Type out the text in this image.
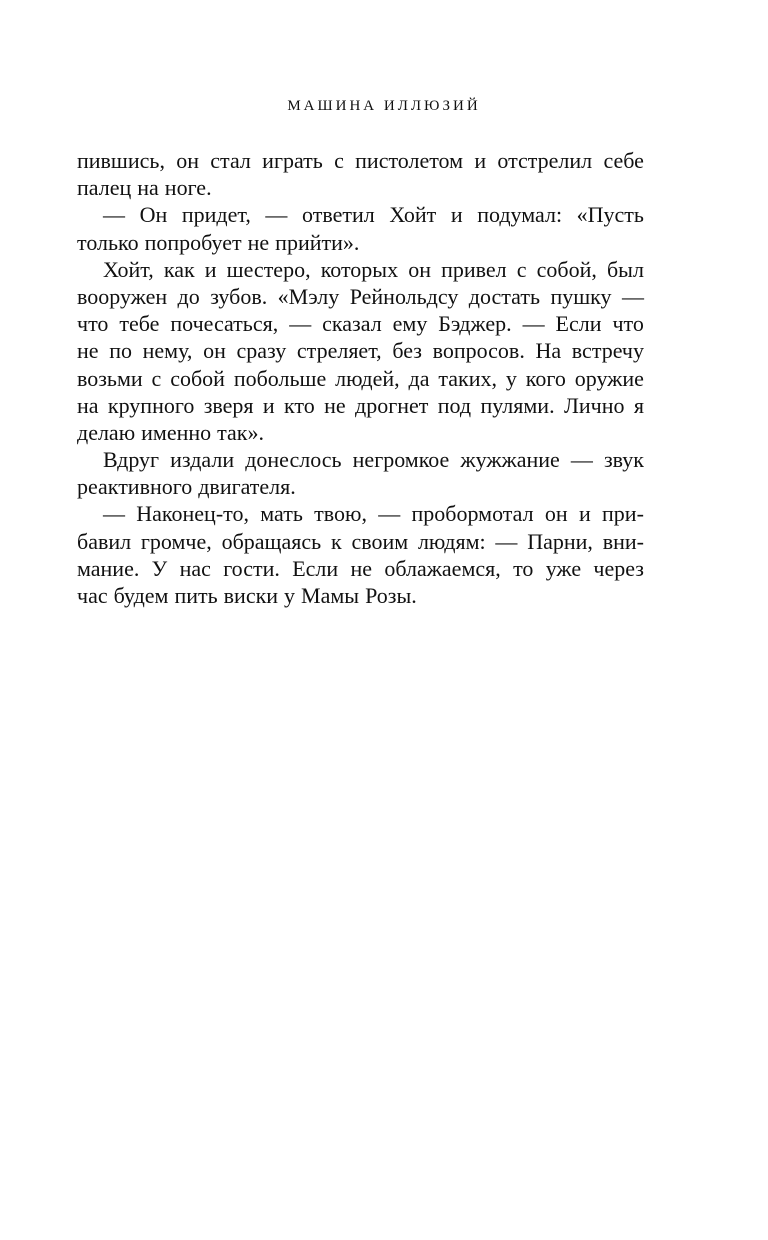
МАШИНА ИЛЛЮЗИЙ
пившись, он стал играть с пистолетом и отстрелил себе
палец на ноге.
— Он придет, — ответил Хойт и подумал: «Пусть
только попробует не прийти».
Хойт, как и шестеро, которых он привел с собой, был
вооружен до зубов. «Мэлу Рейнольдсу достать пушку —
что тебе почесаться, — сказал ему Бэджер. — Если что
не по нему, он сразу стреляет, без вопросов. На встречу
возьми с собой побольше людей, да таких, у кого оружие
на крупного зверя и кто не дрогнет под пулями. Лично я
делаю именно так».
Вдруг издали донеслось негромкое жужжание — звук
реактивного двигателя.
— Наконец-то, мать твою, — пробормотал он и при-
бавил громче, обращаясь к своим людям: — Парни, вни-
мание. У нас гости. Если не облажаемся, то уже через
час будем пить виски у Мамы Розы.
